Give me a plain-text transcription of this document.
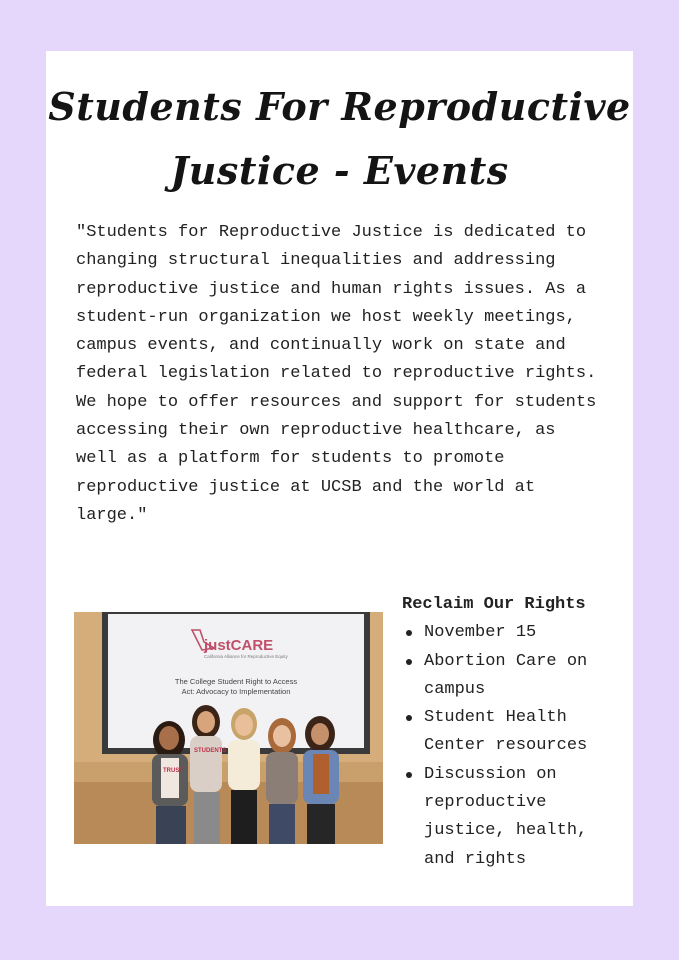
Students For Reproductive
Justice - Events

"Students for Reproductive Justice is dedicated to changing structural inequalities and addressing reproductive justice and human rights issues. As a student-run organization we host weekly meetings, campus events, and continually work on state and federal legislation related to reproductive rights. We hope to offer resources and support for students accessing their own reproductive healthcare, as well as a platform for students to promote reproductive justice at UCSB and the world at large."

justCARE
California Alliance for Reproductive Equity
The College Student Right to Access
Act: Advocacy to Implementation
TRUST
STUDENTS

Reclaim Our Rights

November 15
Abortion Care on campus
Student Health Center resources
Discussion on reproductive justice, health, and rights
